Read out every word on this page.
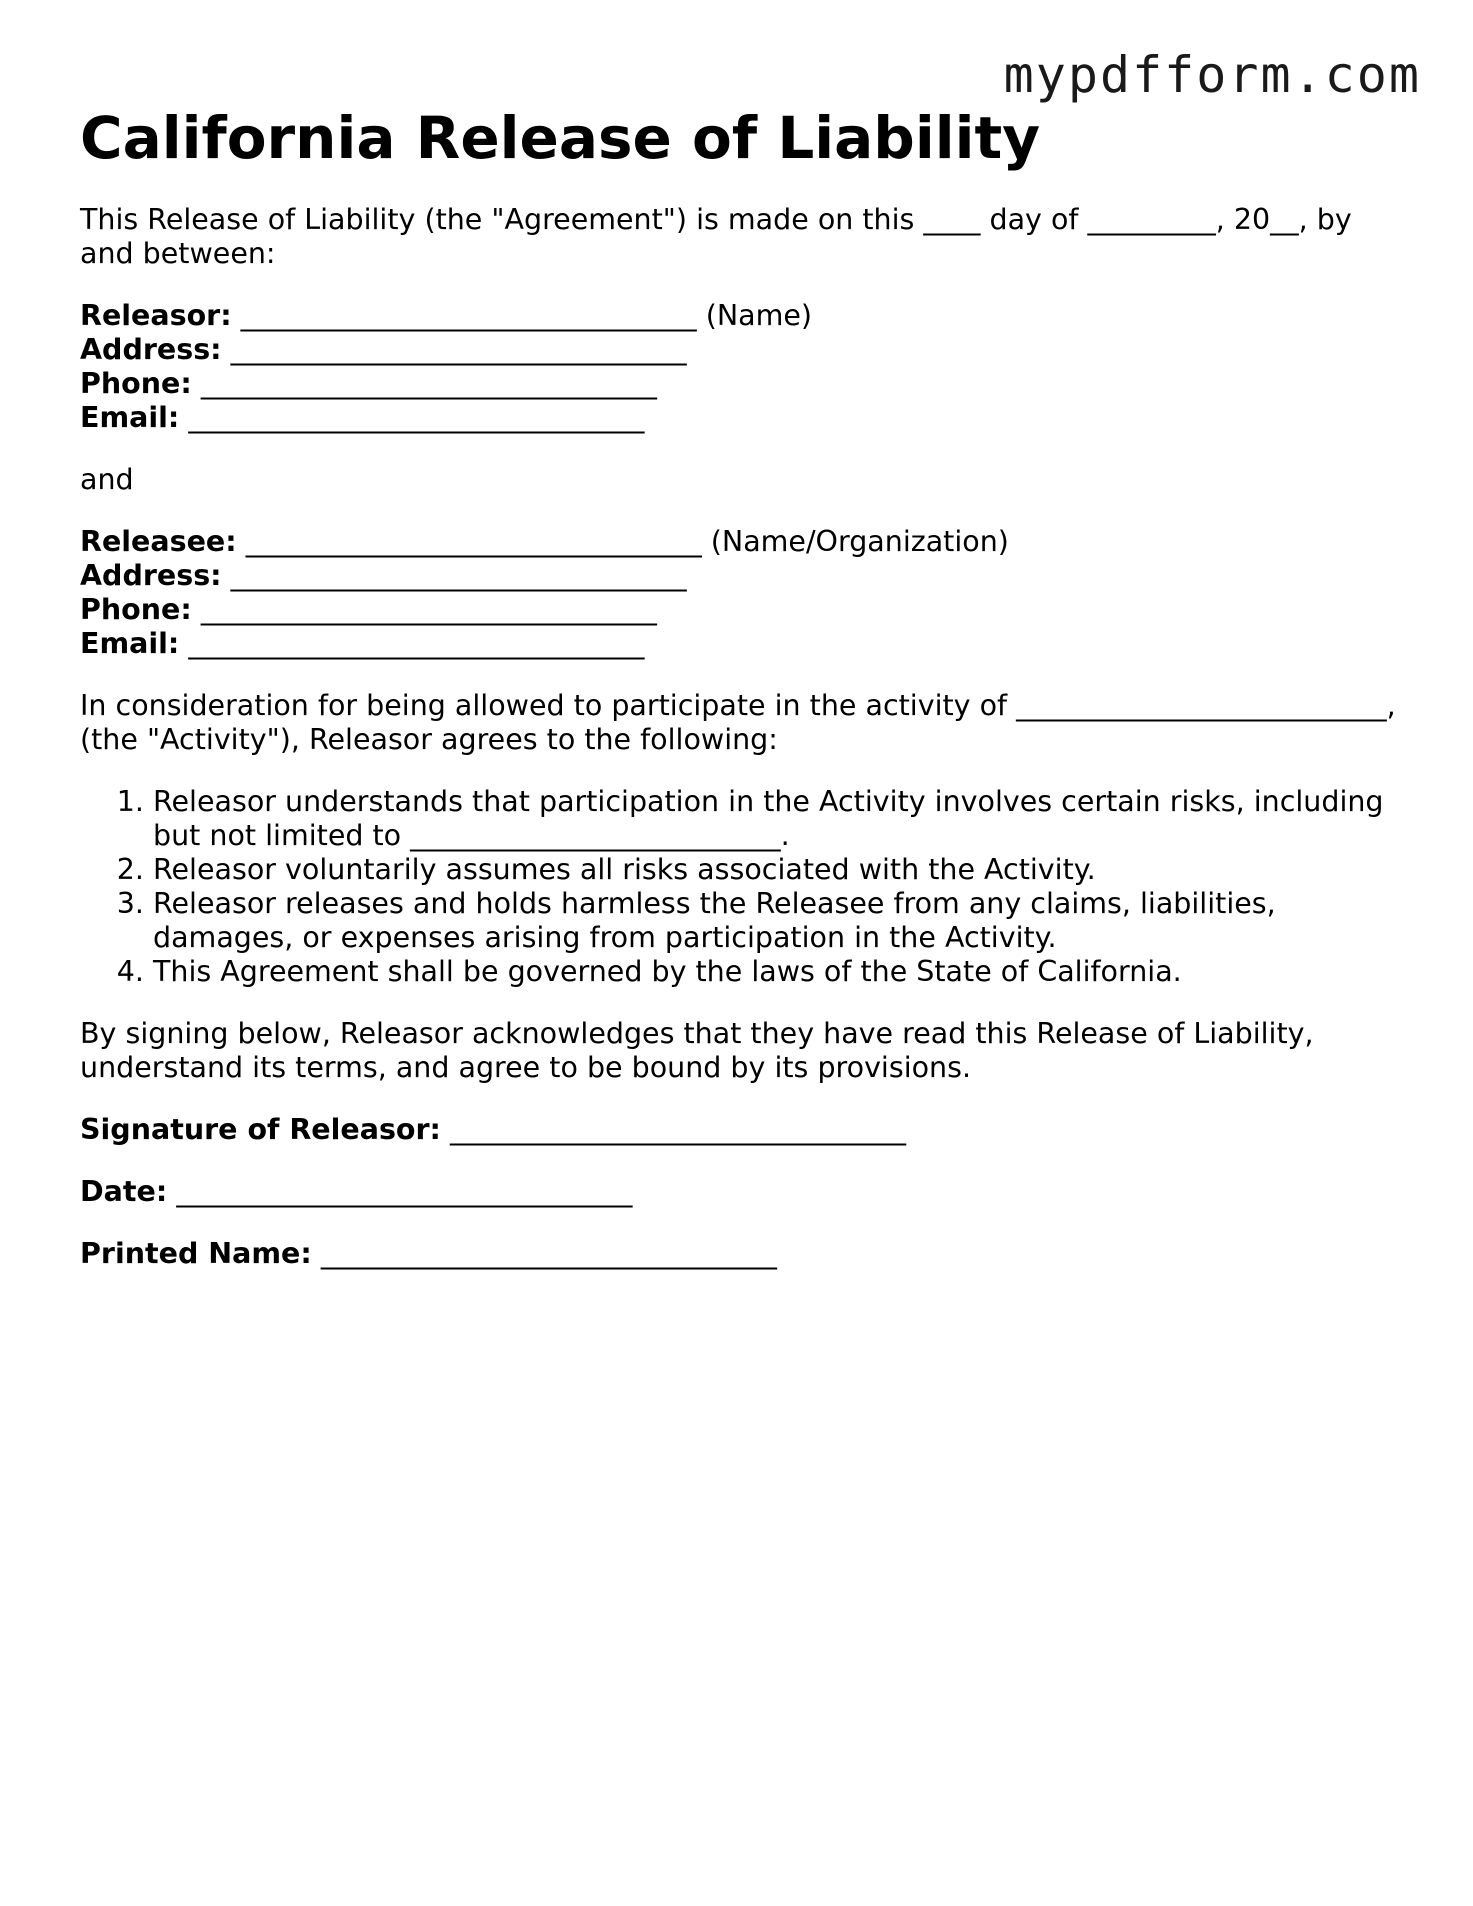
mypdfform.com
California Release of Liability

This Release of Liability (the "Agreement") is made on this ____ day of _________, 20__, by and between:

Releasor: ________________________________ (Name)
Address: ________________________________
Phone: ________________________________
Email: ________________________________

and

Releasee: ________________________________ (Name/Organization)
Address: ________________________________
Phone: ________________________________
Email: ________________________________

In consideration for being allowed to participate in the activity of __________________________, (the "Activity"), Releasor agrees to the following:

1. Releasor understands that participation in the Activity involves certain risks, including but not limited to __________________________.
2. Releasor voluntarily assumes all risks associated with the Activity.
3. Releasor releases and holds harmless the Releasee from any claims, liabilities, damages, or expenses arising from participation in the Activity.
4. This Agreement shall be governed by the laws of the State of California.

By signing below, Releasor acknowledges that they have read this Release of Liability, understand its terms, and agree to be bound by its provisions.

Signature of Releasor: ________________________________
Date: ________________________________
Printed Name: ________________________________
